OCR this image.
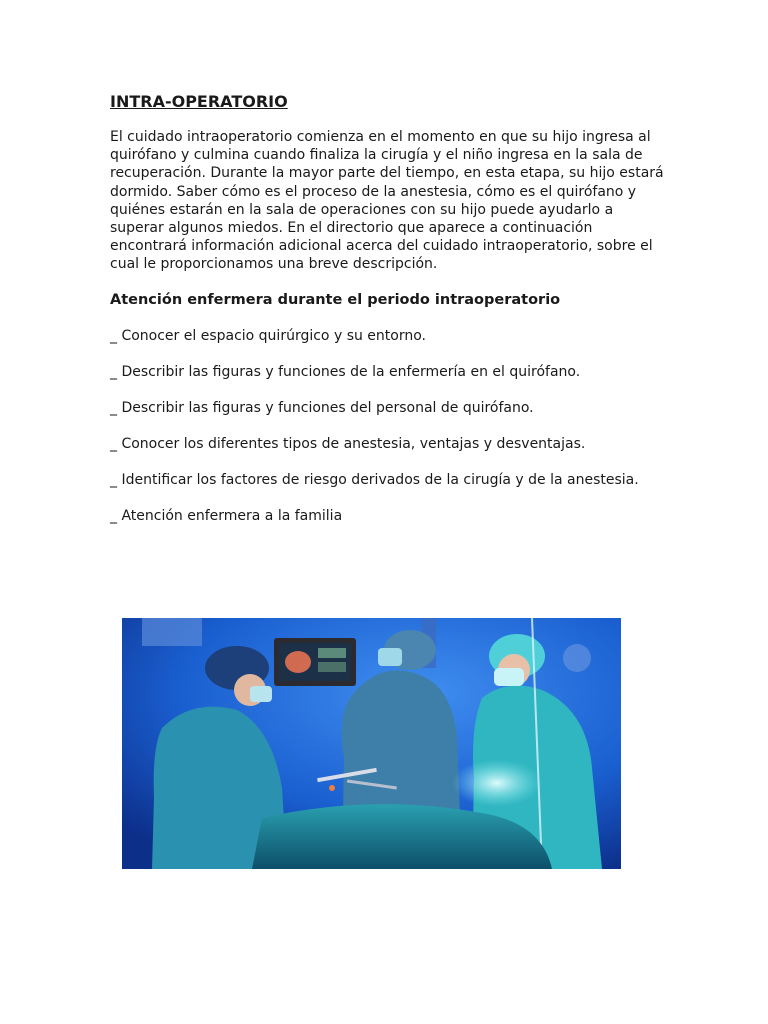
INTRA-OPERATORIO

El cuidado intraoperatorio comienza en el momento en que su hijo ingresa al quirófano y culmina cuando finaliza la cirugía y el niño ingresa en la sala de recuperación. Durante la mayor parte del tiempo, en esta etapa, su hijo estará dormido. Saber cómo es el proceso de la anestesia, cómo es el quirófano y quiénes estarán en la sala de operaciones con su hijo puede ayudarlo a superar algunos miedos. En el directorio que aparece a continuación encontrará información adicional acerca del cuidado intraoperatorio, sobre el cual le proporcionamos una breve descripción.

Atención enfermera durante el periodo intraoperatorio

_ Conocer el espacio quirúrgico y su entorno.

_ Describir las figuras y funciones de la enfermería en el quirófano.

_ Describir las figuras y funciones del personal de quirófano.

_ Conocer los diferentes tipos de anestesia, ventajas y desventajas.

_ Identificar los factores de riesgo derivados de la cirugía y de la anestesia.

_ Atención enfermera a la familia
